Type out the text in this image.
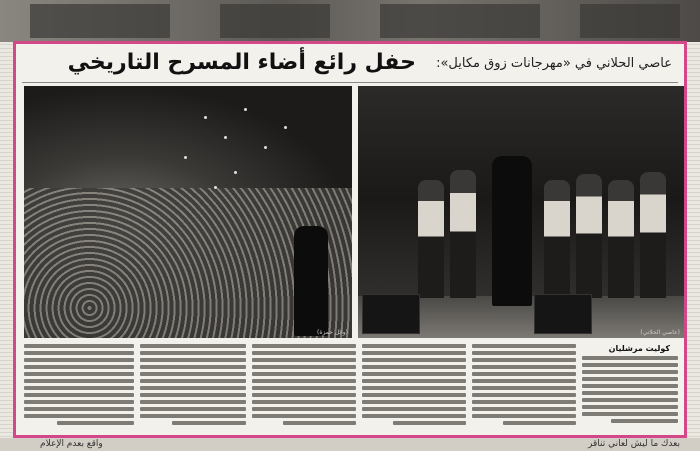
حفل رائع أضاء المسرح التاريخي عاصي الحلاني في «مهرجانات زوق مكايل»:
(وائل حمزة)	(عاصي الحلاني)
كوليت مرشليان
واقع بعدم الإعلام	بعدك ما ليش لعاني تناقر
